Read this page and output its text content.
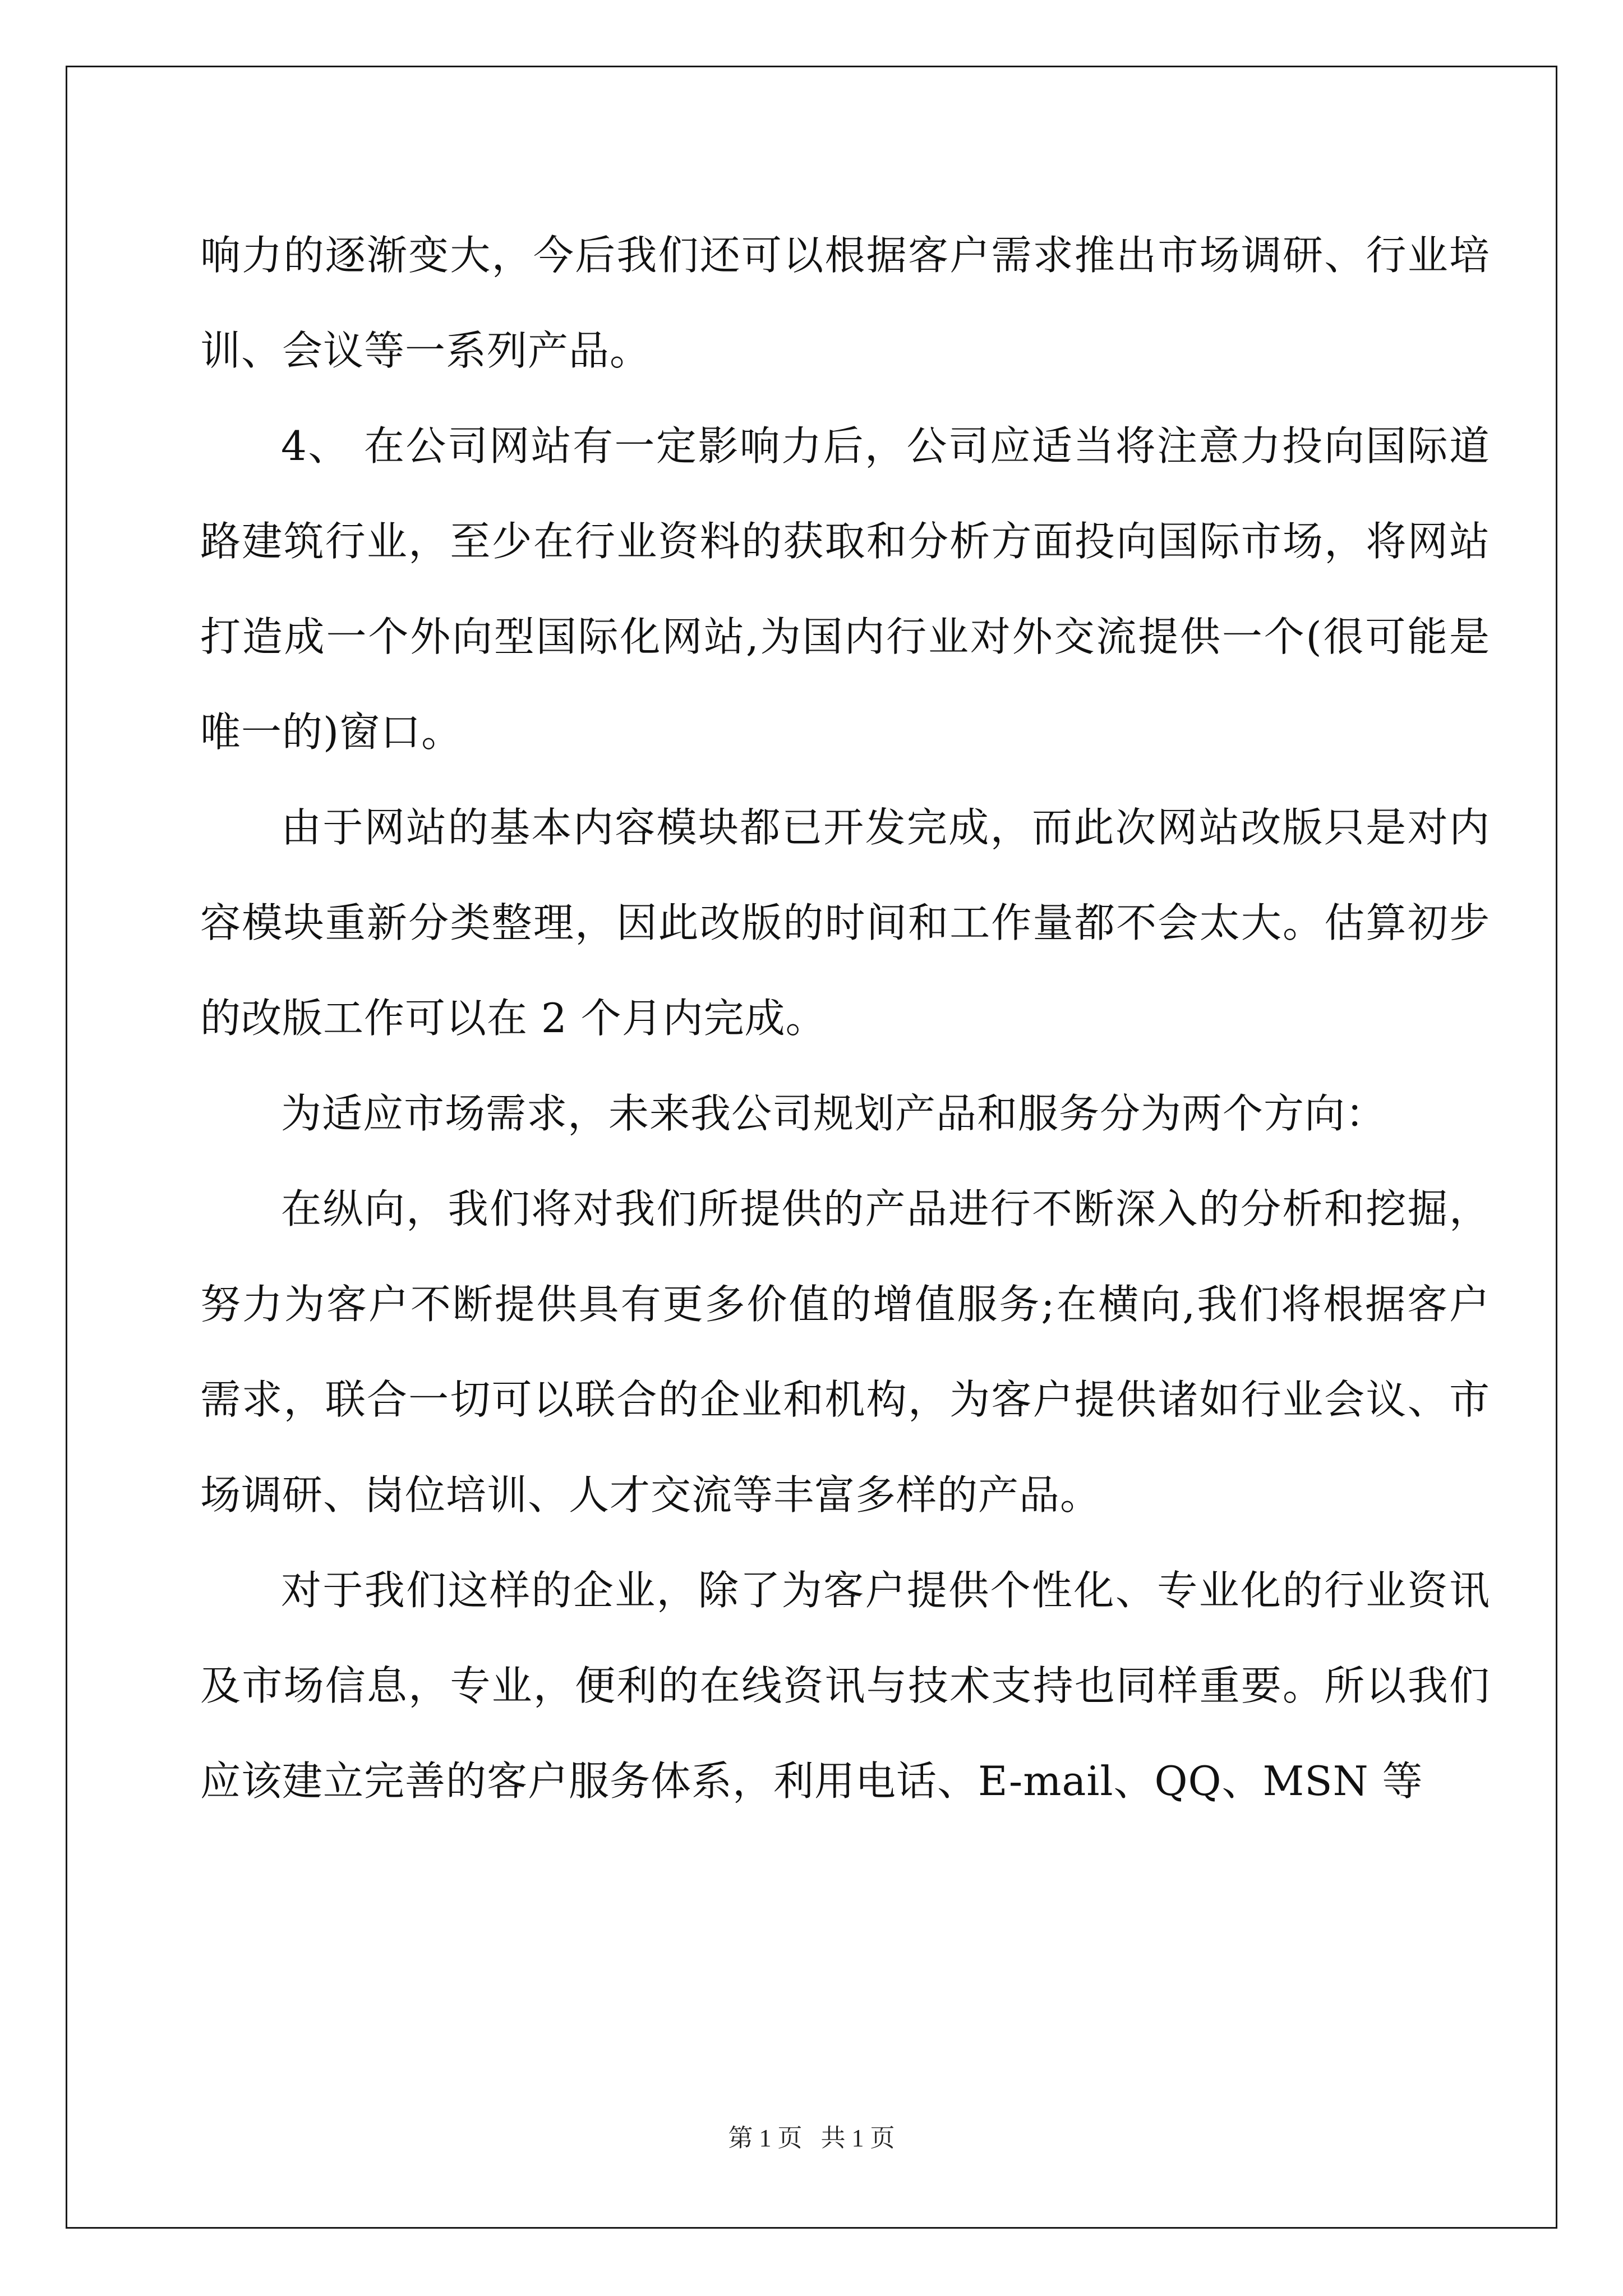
响力的逐渐变大，今后我们还可以根据客户需求推出市场调研、行业培训、会议等一系列产品。

4、 在公司网站有一定影响力后，公司应适当将注意力投向国际道路建筑行业，至少在行业资料的获取和分析方面投向国际市场，将网站打造成一个外向型国际化网站,为国内行业对外交流提供一个(很可能是唯一的)窗口。

由于网站的基本内容模块都已开发完成，而此次网站改版只是对内容模块重新分类整理，因此改版的时间和工作量都不会太大。估算初步的改版工作可以在 2 个月内完成。

为适应市场需求，未来我公司规划产品和服务分为两个方向：

在纵向，我们将对我们所提供的产品进行不断深入的分析和挖掘，努力为客户不断提供具有更多价值的增值服务;在横向,我们将根据客户需求，联合一切可以联合的企业和机构，为客户提供诸如行业会议、市场调研、岗位培训、人才交流等丰富多样的产品。

对于我们这样的企业，除了为客户提供个性化、专业化的行业资讯及市场信息，专业，便利的在线资讯与技术支持也同样重要。所以我们应该建立完善的客户服务体系，利用电话、E-mail、QQ、MSN 等

第 1 页   共 1 页
